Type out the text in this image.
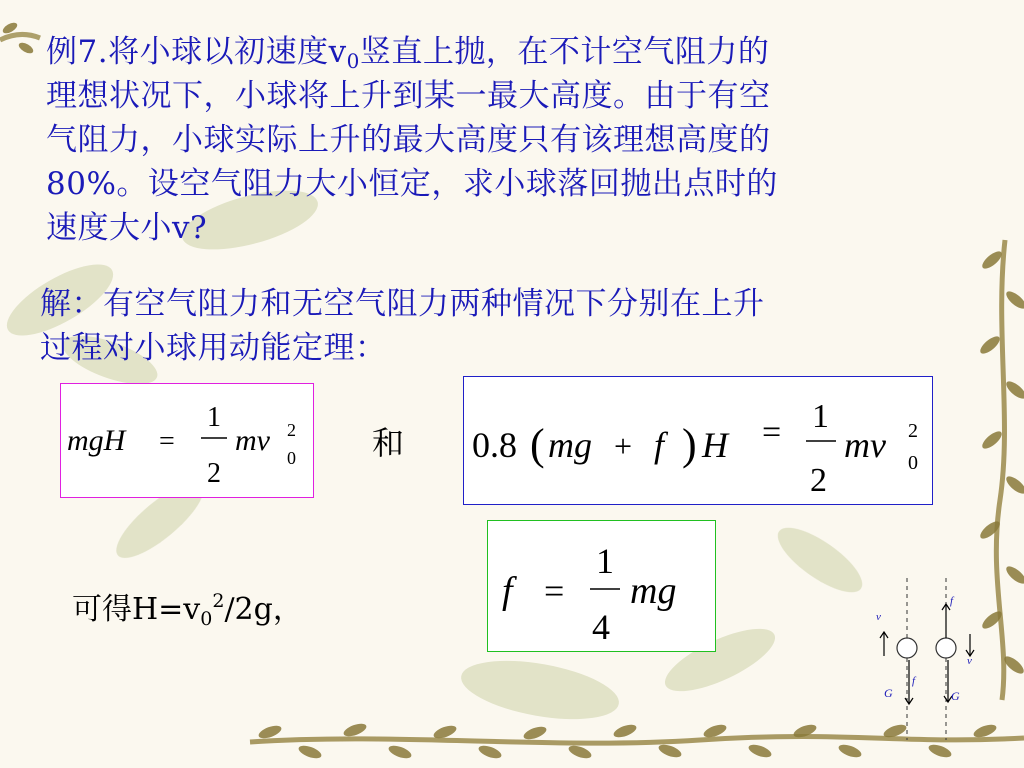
例7.将小球以初速度$v_0$竖直上抛，在不计空气阻力的

理想状况下，小球将上升到某一最大高度。由于有空

气阻力，小球实际上升的最大高度只有该理想高度的

80%。设空气阻力大小恒定，求小球落回抛出点时的

速度大小v?

解：有空气阻力和无空气阻力两种情况下分别在上升

过程对小球用动能定理：

mgH =
1
2
mv 2
0 和 0.8 ( mg + f ) H = 1
2
mv 2
0
f =
1
4
mg
可得$H=v_0^2/2g$，	v
f
G
f
v
G
